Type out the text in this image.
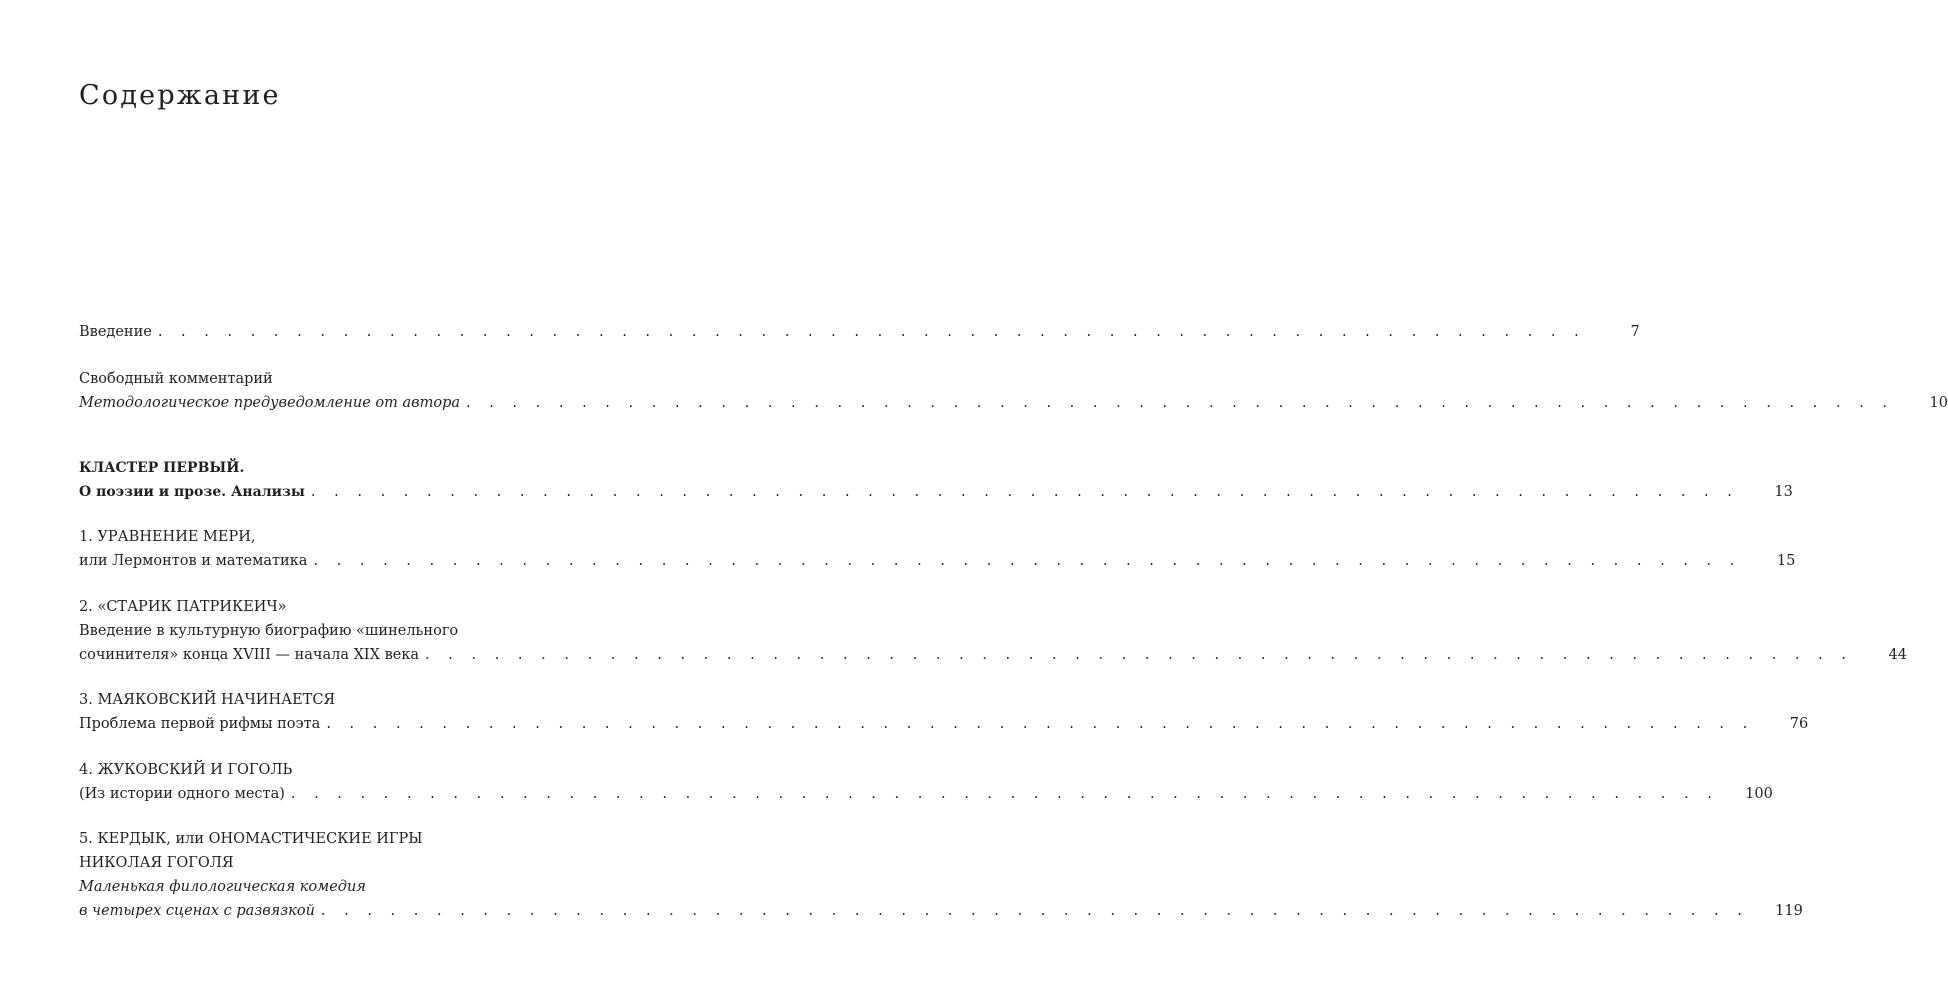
Содержание
Введение . . . . . . . . . . . . . . . . . . . . . . . . . . . . . . . . . . . . . . . . . . . . . . . . . . . . . . . . . . . . . .	7
Свободный комментарий
Методологическое предуведомление от автора . . . . . . . . . . . . . . . . . . . . . . . . . . . . . . . . . . . . . . . . . . . . . . . . . . . . . . . . . . . . . .	10
КЛАСТЕР ПЕРВЫЙ.
О поэзии и прозе. Анализы . . . . . . . . . . . . . . . . . . . . . . . . . . . . . . . . . . . . . . . . . . . . . . . . . . . . . . . . . . . . . .	13
1. УРАВНЕНИЕ МЕРИ,
или Лермонтов и математика . . . . . . . . . . . . . . . . . . . . . . . . . . . . . . . . . . . . . . . . . . . . . . . . . . . . . . . . . . . . . .	15
2. «СТАРИК ПАТРИКЕИЧ»
Введение в культурную биографию «шинельного
сочинителя» конца XVIII — начала XIX века . . . . . . . . . . . . . . . . . . . . . . . . . . . . . . . . . . . . . . . . . . . . . . . . . . . . . . . . . . . . . .	44
3. МАЯКОВСКИЙ НАЧИНАЕТСЯ
Проблема первой рифмы поэта . . . . . . . . . . . . . . . . . . . . . . . . . . . . . . . . . . . . . . . . . . . . . . . . . . . . . . . . . . . . . .	76
4. ЖУКОВСКИЙ И ГОГОЛЬ
(Из истории одного места) . . . . . . . . . . . . . . . . . . . . . . . . . . . . . . . . . . . . . . . . . . . . . . . . . . . . . . . . . . . . . .	100
5. КЕРДЫК, или ОНОМАСТИЧЕСКИЕ ИГРЫ
НИКОЛАЯ ГОГОЛЯ
Маленькая филологическая комедия
в четырех сценах с развязкой . . . . . . . . . . . . . . . . . . . . . . . . . . . . . . . . . . . . . . . . . . . . . . . . . . . . . . . . . . . . . .	119
